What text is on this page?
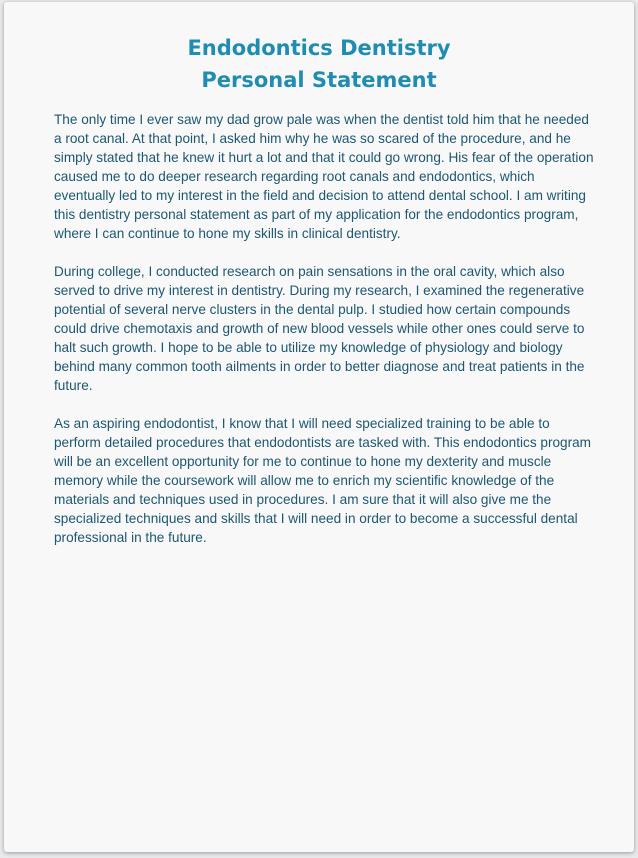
Endodontics Dentistry
Personal Statement

The only time I ever saw my dad grow pale was when the dentist told him that he needed a root canal. At that point, I asked him why he was so scared of the procedure, and he simply stated that he knew it hurt a lot and that it could go wrong. His fear of the operation caused me to do deeper research regarding root canals and endodontics, which eventually led to my interest in the field and decision to attend dental school. I am writing this dentistry personal statement as part of my application for the endodontics program, where I can continue to hone my skills in clinical dentistry.

During college, I conducted research on pain sensations in the oral cavity, which also served to drive my interest in dentistry. During my research, I examined the regenerative potential of several nerve clusters in the dental pulp. I studied how certain compounds could drive chemotaxis and growth of new blood vessels while other ones could serve to halt such growth. I hope to be able to utilize my knowledge of physiology and biology behind many common tooth ailments in order to better diagnose and treat patients in the future.

As an aspiring endodontist, I know that I will need specialized training to be able to perform detailed procedures that endodontists are tasked with. This endodontics program will be an excellent opportunity for me to continue to hone my dexterity and muscle memory while the coursework will allow me to enrich my scientific knowledge of the materials and techniques used in procedures. I am sure that it will also give me the specialized techniques and skills that I will need in order to become a successful dental professional in the future.
